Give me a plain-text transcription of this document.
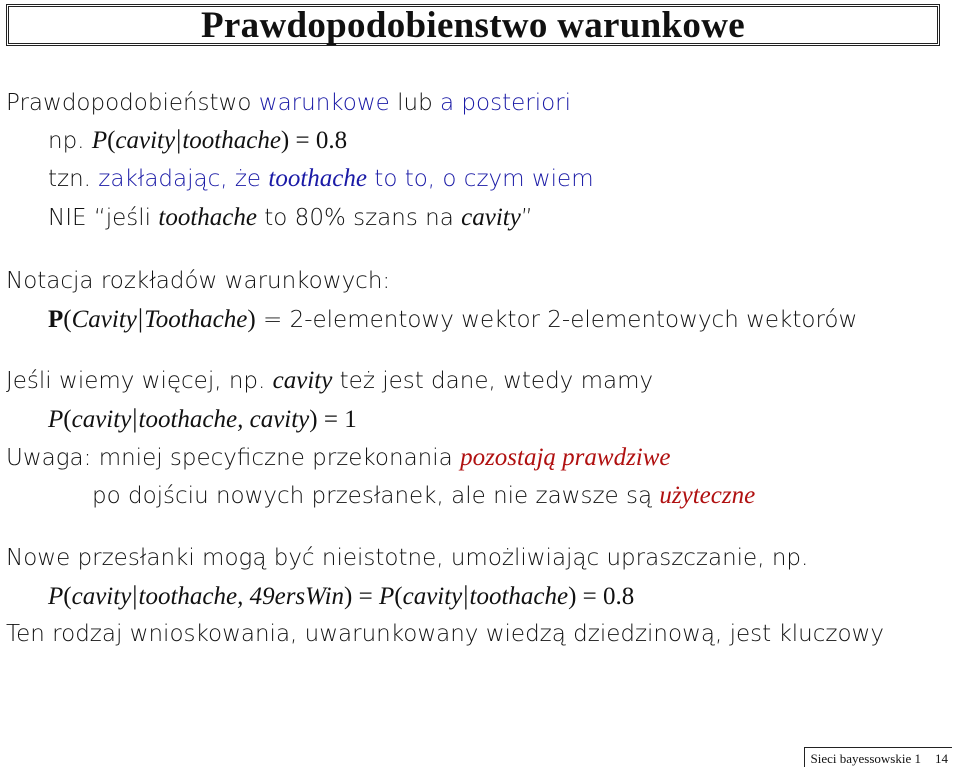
Prawdopodobienstwo warunkowe
Prawdopodobieństwo warunkowe lub a posteriori
np. P(cavity|toothache) = 0.8
tzn. zakładając, że toothache to to, o czym wiem
NIE “jeśli toothache to 80% szans na cavity”
Notacja rozkładów warunkowych:
P(Cavity|Toothache) = 2-elementowy wektor 2-elementowych wektorów
Jeśli wiemy więcej, np. cavity też jest dane, wtedy mamy
P(cavity|toothache, cavity) = 1
Uwaga: mniej specyficzne przekonania pozostają prawdziwe
po dojściu nowych przesłanek, ale nie zawsze są użyteczne
Nowe przesłanki mogą być nieistotne, umożliwiając upraszczanie, np.
P(cavity|toothache, 49ersWin) = P(cavity|toothache) = 0.8
Ten rodzaj wnioskowania, uwarunkowany wiedzą dziedzinową, jest kluczowy
Sieci bayessowskie 1 14
